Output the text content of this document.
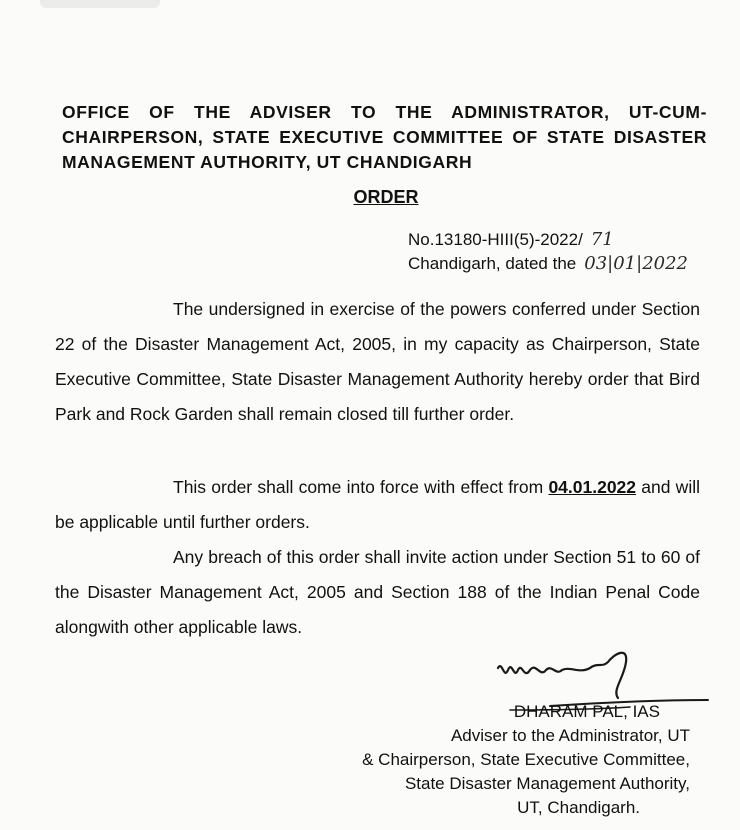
OFFICE OF THE ADVISER TO THE ADMINISTRATOR, UT-CUM-CHAIRPERSON, STATE EXECUTIVE COMMITTEE OF STATE DISASTER MANAGEMENT AUTHORITY, UT CHANDIGARH
ORDER
No.13180-HIII(5)-2022/ 71
Chandigarh, dated the 03|01|2022
The undersigned in exercise of the powers conferred under Section 22 of the Disaster Management Act, 2005, in my capacity as Chairperson, State Executive Committee, State Disaster Management Authority hereby order that Bird Park and Rock Garden shall remain closed till further order.
This order shall come into force with effect from 04.01.2022 and will be applicable until further orders.
Any breach of this order shall invite action under Section 51 to 60 of the Disaster Management Act, 2005 and Section 188 of the Indian Penal Code alongwith other applicable laws.
DHARAM PAL, IAS
Adviser to the Administrator, UT
& Chairperson, State Executive Committee,
State Disaster Management Authority,
UT, Chandigarh.
